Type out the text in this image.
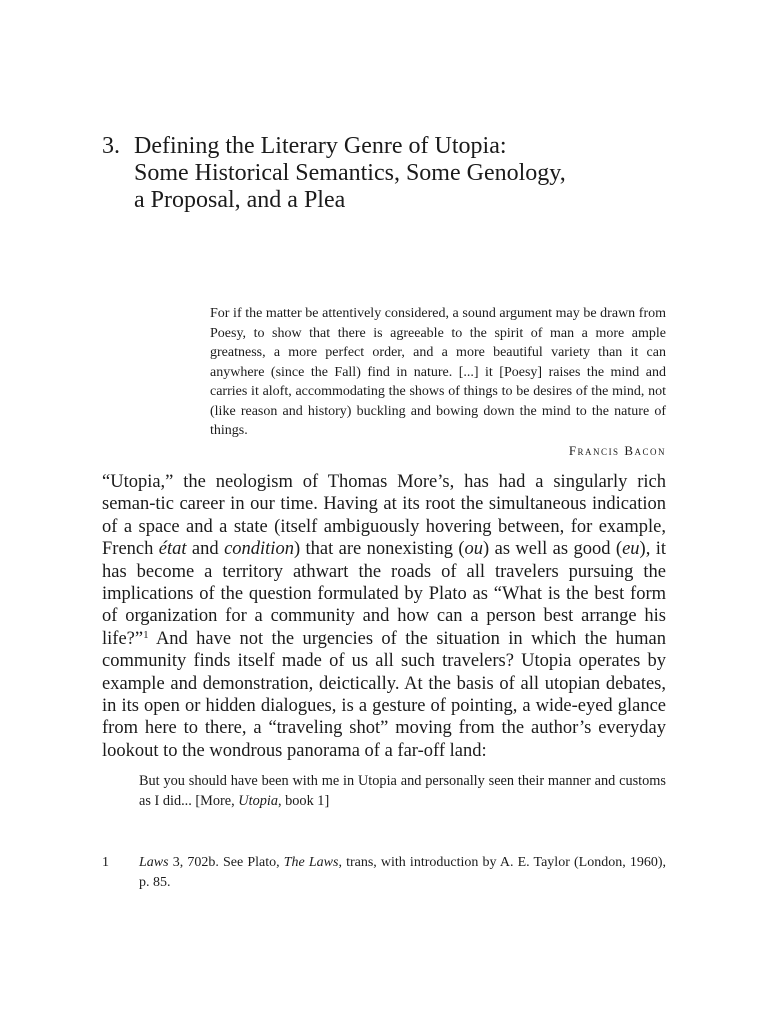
3. Defining the Literary Genre of Utopia:
Some Historical Semantics, Some Genology,
a Proposal, and a Plea

For if the matter be attentively considered, a sound argument may be drawn from Poesy, to show that there is agreeable to the spirit of man a more ample greatness, a more perfect order, and a more beautiful variety than it can anywhere (since the Fall) find in nature. [...] it [Poesy] raises the mind and carries it aloft, accommodating the shows of things to be desires of the mind, not (like reason and history) buckling and bowing down the mind to the nature of things.

Francis Bacon

“Utopia,” the neologism of Thomas More’s, has had a singularly rich seman-tic career in our time. Having at its root the simultaneous indication of a space and a state (itself ambiguously hovering between, for example, French état and condition) that are nonexisting (ou) as well as good (eu), it has become a territory athwart the roads of all travelers pursuing the implications of the question formulated by Plato as “What is the best form of organization for a community and how can a person best arrange his life?”$^1$ And have not the urgencies of the situation in which the human community finds itself made of us all such travelers? Utopia operates by example and demonstration, deictically. At the basis of all utopian debates, in its open or hidden dialogues, is a gesture of pointing, a wide-eyed glance from here to there, a “traveling shot” moving from the author’s everyday lookout to the wondrous panorama of a far-off land:

But you should have been with me in Utopia and personally seen their manner and customs as I did... [More, Utopia, book 1]

1 Laws 3, 702b. See Plato, The Laws, trans, with introduction by A. E. Taylor (London, 1960), p. 85.
